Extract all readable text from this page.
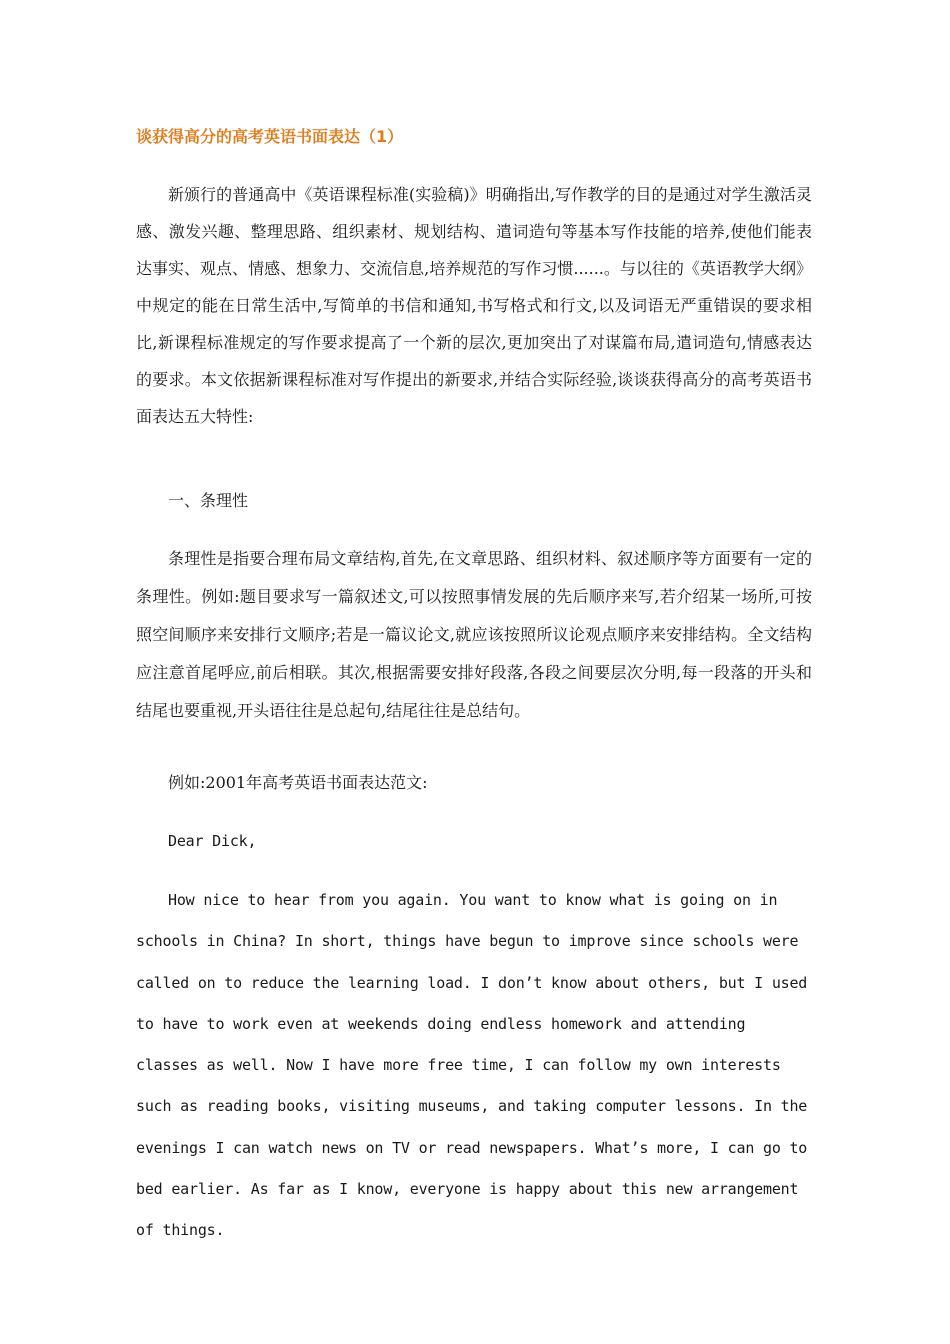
谈获得高分的高考英语书面表达（1）

新颁行的普通高中《英语课程标准(实验稿)》明确指出,写作教学的目的是通过对学生激活灵感、激发兴趣、整理思路、组织素材、规划结构、遣词造句等基本写作技能的培养,使他们能表达事实、观点、情感、想象力、交流信息,培养规范的写作习惯......。与以往的《英语教学大纲》中规定的能在日常生活中,写简单的书信和通知,书写格式和行文,以及词语无严重错误的要求相比,新课程标准规定的写作要求提高了一个新的层次,更加突出了对谋篇布局,遣词造句,情感表达的要求。本文依据新课程标准对写作提出的新要求,并结合实际经验,谈谈获得高分的高考英语书面表达五大特性:

一、条理性

条理性是指要合理布局文章结构,首先,在文章思路、组织材料、叙述顺序等方面要有一定的条理性。例如:题目要求写一篇叙述文,可以按照事情发展的先后顺序来写,若介绍某一场所,可按照空间顺序来安排行文顺序;若是一篇议论文,就应该按照所议论观点顺序来安排结构。全文结构应注意首尾呼应,前后相联。其次,根据需要安排好段落,各段之间要层次分明,每一段落的开头和结尾也要重视,开头语往往是总起句,结尾往往是总结句。

例如:2001年高考英语书面表达范文:

Dear Dick,

How nice to hear from you again. You want to know what is going on in schools in China? In short, things have begun to improve since schools were called on to reduce the learning load. I don’t know about others, but I used to have to work even at weekends doing endless homework and attending classes as well. Now I have more free time, I can follow my own interests such as reading books, visiting museums, and taking computer lessons. In the evenings I can watch news on TV or read newspapers. What’s more, I can go to bed earlier. As far as I know, everyone is happy about this new arrangement of things.
